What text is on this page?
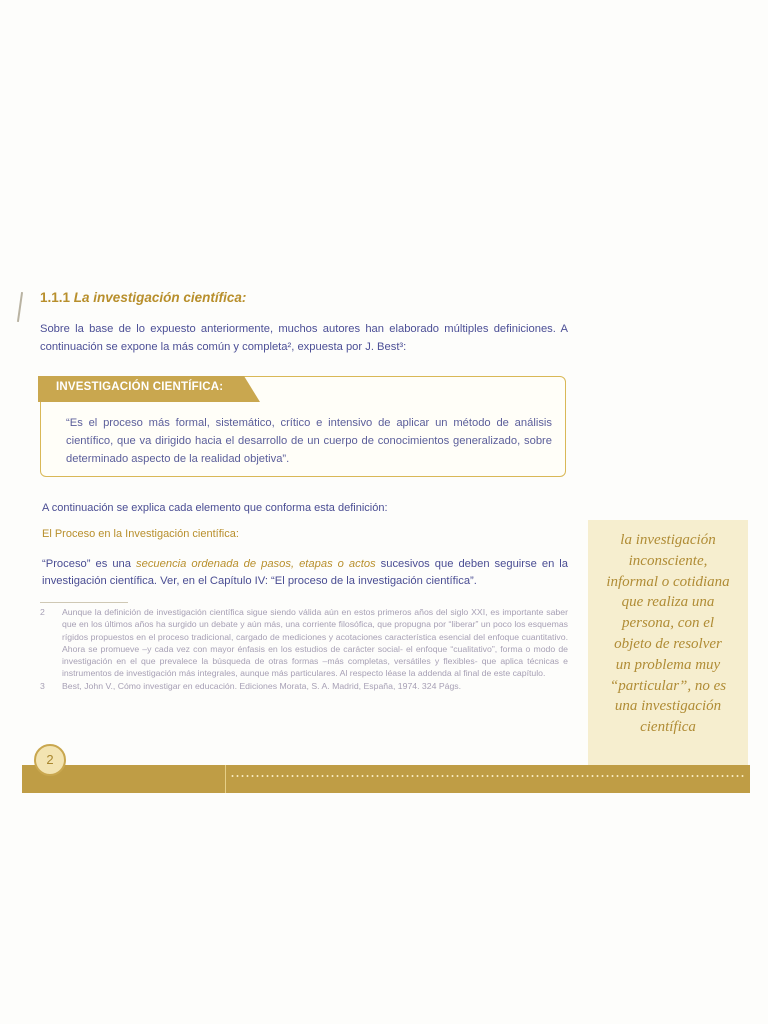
1.1.1 La investigación científica:

Sobre la base de lo expuesto anteriormente, muchos autores han elaborado múltiples definiciones. A continuación se expone la más común y completa², expuesta por J. Best³:

INVESTIGACIÓN CIENTÍFICA:

“Es el proceso más formal, sistemático, crítico e intensivo de aplicar un método de análisis científico, que va dirigido hacia el desarrollo de un cuerpo de conocimientos generalizado, sobre determinado aspecto de la realidad objetiva”.

A continuación se explica cada elemento que conforma esta definición:
El Proceso en la Investigación científica:

“Proceso” es una secuencia ordenada de pasos, etapas o actos sucesivos que deben seguirse en la investigación científica. Ver, en el Capítulo IV: “El proceso de la investigación científica”.

2	Aunque la definición de investigación científica sigue siendo válida aún en estos primeros años del siglo XXI, es importante saber que en los últimos años ha surgido un debate y aún más, una corriente filosófica, que propugna por “liberar” un poco los esquemas rígidos propuestos en el proceso tradicional, cargado de mediciones y acotaciones característica esencial del enfoque cuantitativo. Ahora se promueve –y cada vez con mayor énfasis en los estudios de carácter social- el enfoque “cualitativo”, forma o modo de investigación en el que prevalece la búsqueda de otras formas –más completas, versátiles y flexibles- que aplica técnicas e instrumentos de investigación más integrales, aunque más particulares. Al respecto léase la addenda al final de este capítulo.
3	Best, John V., Cómo investigar en educación. Ediciones Morata, S. A. Madrid, España, 1974. 324 Págs.
la investigación
inconsciente,
informal o cotidiana
que realiza una
persona, con el
objeto de resolver
un problema muy
“particular”, no es
una investigación
científica
2
